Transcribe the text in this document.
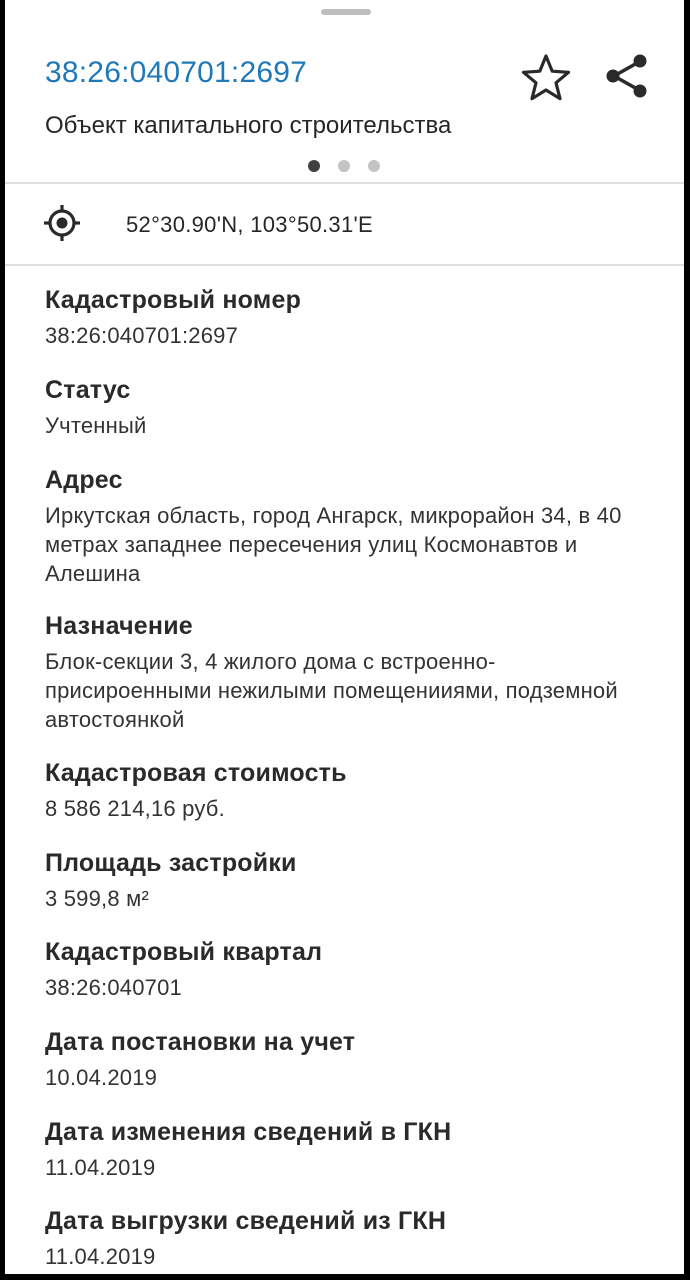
38:26:040701:2697
Объект капитального строительства
52°30.90'N, 103°50.31'E
Кадастровый номер
38:26:040701:2697
Статус
Учтенный
Адрес
Иркутская область, город Ангарск, микрорайон 34, в 40 метрах западнее пересечения улиц Космонавтов и Алешина
Назначение
Блок-секции 3, 4 жилого дома с встроенно-присироенными нежилыми помещенииями, подземной автостоянкой
Кадастровая стоимость
8 586 214,16 руб.
Площадь застройки
3 599,8 м²
Кадастровый квартал
38:26:040701
Дата постановки на учет
10.04.2019
Дата изменения сведений в ГКН
11.04.2019
Дата выгрузки сведений из ГКН
11.04.2019
